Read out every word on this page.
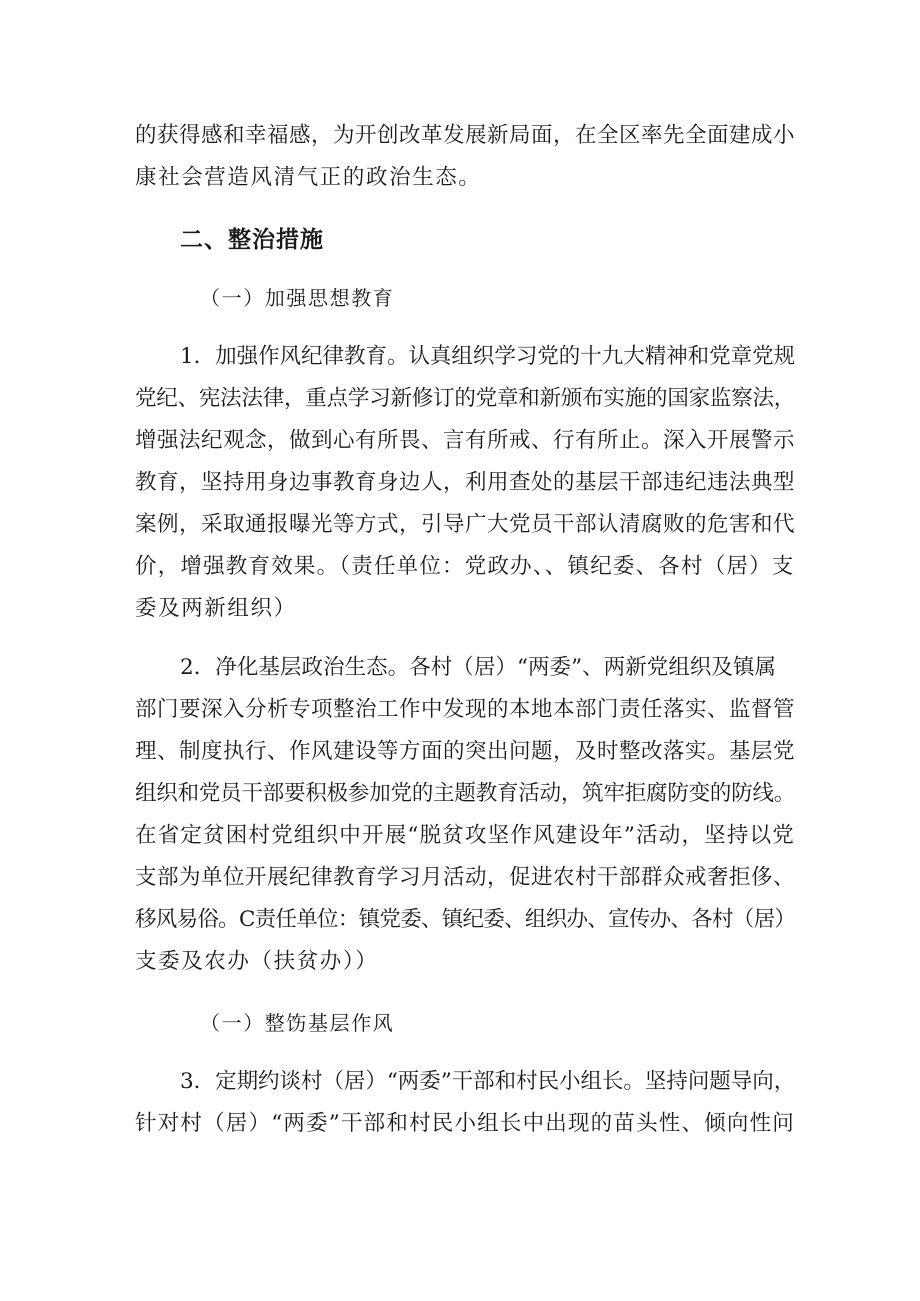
的获得感和幸福感，为开创改革发展新局面，在全区率先全面建成小
康社会营造风清气正的政治生态。
二、整治措施
（一）加强思想教育
1．加强作风纪律教育。认真组织学习党的十九大精神和党章党规
党纪、宪法法律，重点学习新修订的党章和新颁布实施的国家监察法，
增强法纪观念，做到心有所畏、言有所戒、行有所止。深入开展警示
教育，坚持用身边事教育身边人，利用查处的基层干部违纪违法典型
案例，采取通报曝光等方式，引导广大党员干部认清腐败的危害和代
价，增强教育效果。（责任单位：党政办、、镇纪委、各村（居）支
委及两新组织）
2．净化基层政治生态。各村（居）“两委”、两新党组织及镇属
部门要深入分析专项整治工作中发现的本地本部门责任落实、监督管
理、制度执行、作风建设等方面的突出问题，及时整改落实。基层党
组织和党员干部要积极参加党的主题教育活动，筑牢拒腐防变的防线。
在省定贫困村党组织中开展“脱贫攻坚作风建设年”活动，坚持以党
支部为单位开展纪律教育学习月活动，促进农村干部群众戒奢拒侈、
移风易俗。C责任单位：镇党委、镇纪委、组织办、宣传办、各村（居）
支委及农办（扶贫办））
（一）整饬基层作风
3．定期约谈村（居）“两委”干部和村民小组长。坚持问题导向，
针对村（居）“两委”干部和村民小组长中出现的苗头性、倾向性问
